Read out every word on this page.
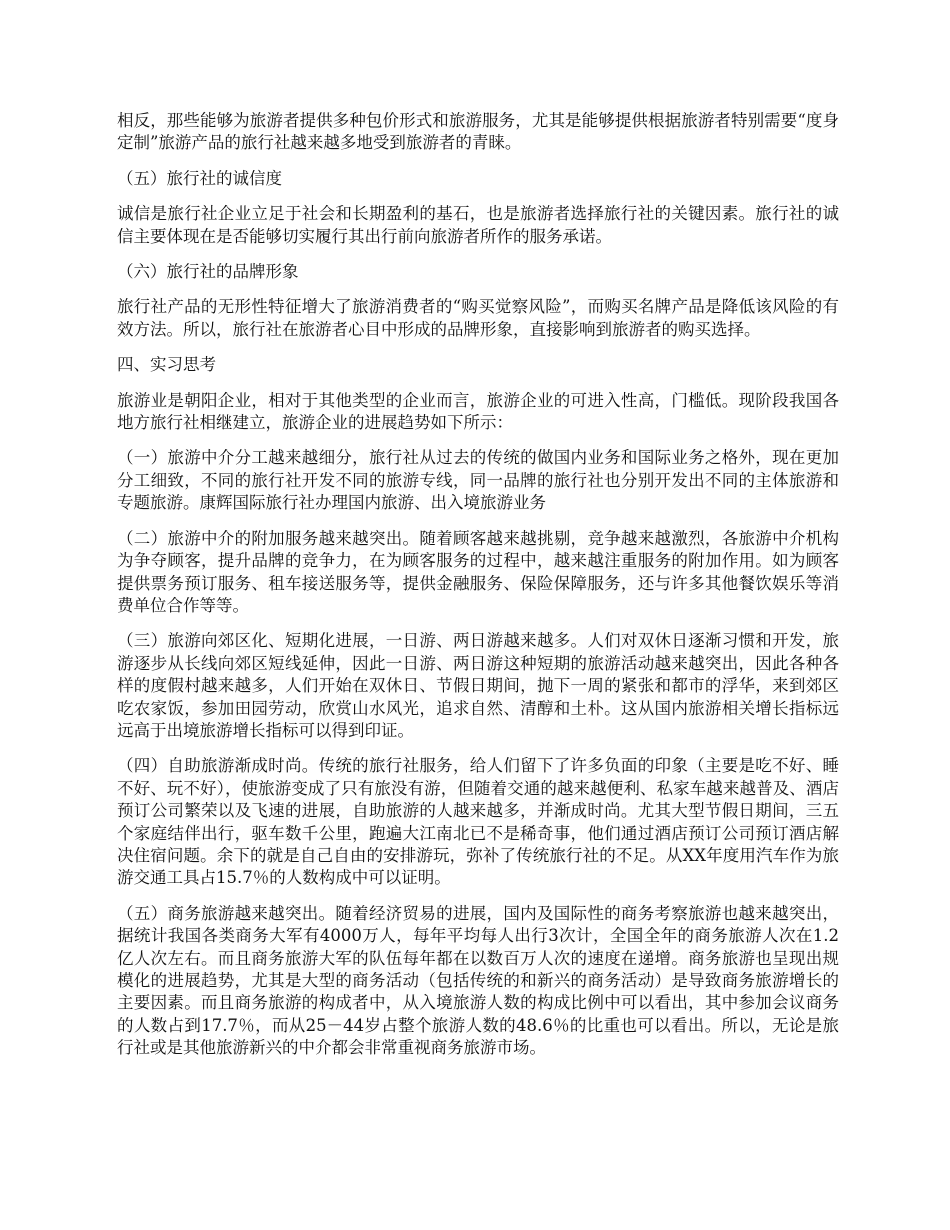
相反，那些能够为旅游者提供多种包价形式和旅游服务，尤其是能够提供根据旅游者特别需要“度身定制”旅游产品的旅行社越来越多地受到旅游者的青睐。

（五）旅行社的诚信度

诚信是旅行社企业立足于社会和长期盈利的基石，也是旅游者选择旅行社的关键因素。旅行社的诚信主要体现在是否能够切实履行其出行前向旅游者所作的服务承诺。

（六）旅行社的品牌形象

旅行社产品的无形性特征增大了旅游消费者的“购买觉察风险”，而购买名牌产品是降低该风险的有效方法。所以，旅行社在旅游者心目中形成的品牌形象，直接影响到旅游者的购买选择。

四、实习思考

旅游业是朝阳企业，相对于其他类型的企业而言，旅游企业的可进入性高，门槛低。现阶段我国各地方旅行社相继建立，旅游企业的进展趋势如下所示：

（一）旅游中介分工越来越细分，旅行社从过去的传统的做国内业务和国际业务之格外，现在更加分工细致，不同的旅行社开发不同的旅游专线，同一品牌的旅行社也分别开发出不同的主体旅游和专题旅游。康辉国际旅行社办理国内旅游、出入境旅游业务

（二）旅游中介的附加服务越来越突出。随着顾客越来越挑剔，竞争越来越激烈，各旅游中介机构为争夺顾客，提升品牌的竞争力，在为顾客服务的过程中，越来越注重服务的附加作用。如为顾客提供票务预订服务、租车接送服务等，提供金融服务、保险保障服务，还与许多其他餐饮娱乐等消费单位合作等等。

（三）旅游向郊区化、短期化进展，一日游、两日游越来越多。人们对双休日逐渐习惯和开发，旅游逐步从长线向郊区短线延伸，因此一日游、两日游这种短期的旅游活动越来越突出，因此各种各样的度假村越来越多，人们开始在双休日、节假日期间，抛下一周的紧张和都市的浮华，来到郊区吃农家饭，参加田园劳动，欣赏山水风光，追求自然、清醇和土朴。这从国内旅游相关增长指标远远高于出境旅游增长指标可以得到印证。

（四）自助旅游渐成时尚。传统的旅行社服务，给人们留下了许多负面的印象（主要是吃不好、睡不好、玩不好），使旅游变成了只有旅没有游，但随着交通的越来越便利、私家车越来越普及、酒店预订公司繁荣以及飞速的进展，自助旅游的人越来越多，并渐成时尚。尤其大型节假日期间，三五个家庭结伴出行，驱车数千公里，跑遍大江南北已不是稀奇事，他们通过酒店预订公司预订酒店解决住宿问题。余下的就是自己自由的安排游玩，弥补了传统旅行社的不足。从XX年度用汽车作为旅游交通工具占15.7％的人数构成中可以证明。

（五）商务旅游越来越突出。随着经济贸易的进展，国内及国际性的商务考察旅游也越来越突出，据统计我国各类商务大军有4000万人，每年平均每人出行3次计，全国全年的商务旅游人次在1.2亿人次左右。而且商务旅游大军的队伍每年都在以数百万人次的速度在递增。商务旅游也呈现出规模化的进展趋势，尤其是大型的商务活动（包括传统的和新兴的商务活动）是导致商务旅游增长的主要因素。而且商务旅游的构成者中，从入境旅游人数的构成比例中可以看出，其中参加会议商务的人数占到17.7％，而从25－44岁占整个旅游人数的48.6％的比重也可以看出。所以，无论是旅行社或是其他旅游新兴的中介都会非常重视商务旅游市场。
